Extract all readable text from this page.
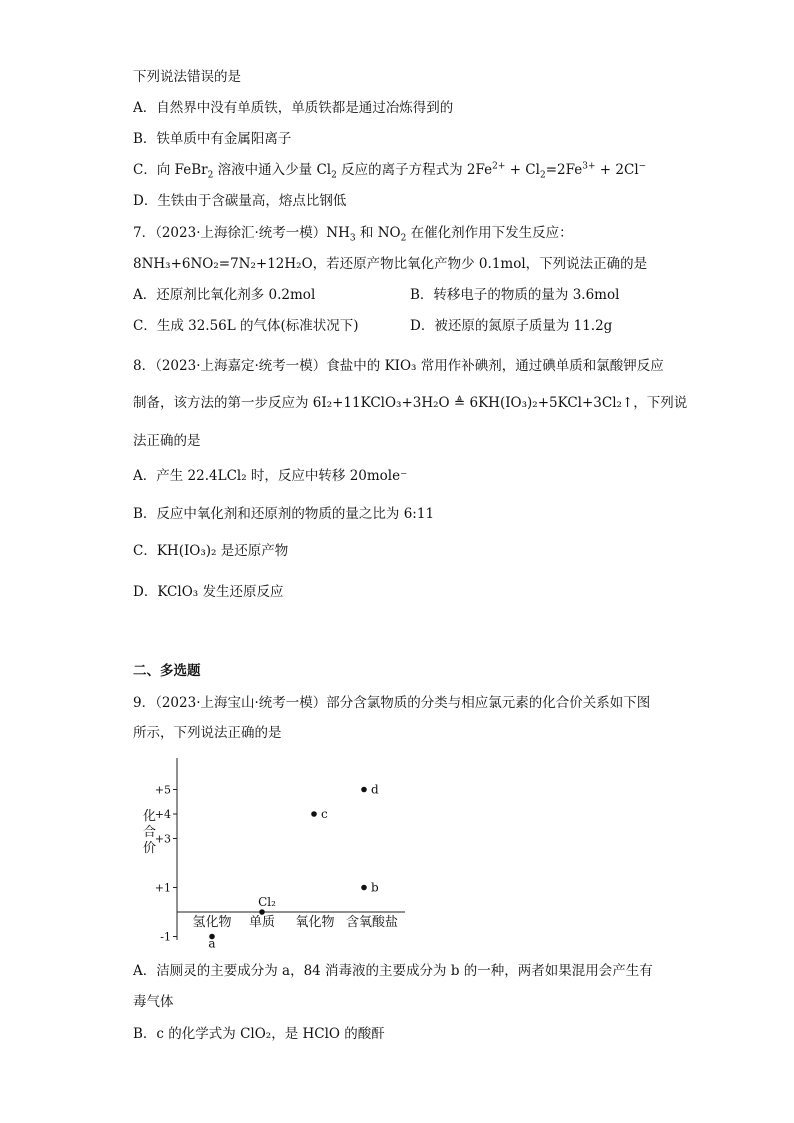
下列说法错误的是
A．自然界中没有单质铁，单质铁都是通过冶炼得到的
B．铁单质中有金属阳离子
C．向 FeBr$_2$ 溶液中通入少量 $Cl_2$ 反应的离子方程式为 $2Fe^{2+} + Cl_2=2Fe^{3+} + 2Cl^-$
D．生铁由于含碳量高，熔点比钢低
7．（2023·上海徐汇·统考一模）$NH_3$ 和 $NO_2$ 在催化剂作用下发生反应：
8NH₃+6NO₂=7N₂+12H₂O，若还原产物比氧化产物少 0.1mol，下列说法正确的是
A．还原剂比氧化剂多 0.2mol	B．转移电子的物质的量为 3.6mol
C．生成 32.56L 的气体(标准状况下)	D．被还原的氮原子质量为 11.2g
8．（2023·上海嘉定·统考一模）食盐中的 KIO₃ 常用作补碘剂，通过碘单质和氯酸钾反应
制备，该方法的第一步反应为 6I₂+11KClO₃+3H₂O ≜ 6KH(IO₃)₂+5KCl+3Cl₂↑，下列说
法正确的是
A．产生 22.4LCl₂ 时，反应中转移 20mole⁻
B．反应中氧化剂和还原剂的物质的量之比为 6:11
C．KH(IO₃)₂ 是还原产物
D．KClO₃ 发生还原反应
二、多选题
9．（2023·上海宝山·统考一模）部分含氯物质的分类与相应氯元素的化合价关系如下图
所示，下列说法正确的是
化
合
价
+5
+4
+3
+1
-1
氢化物 单质 氧化物 含氧酸盐
a
Cl₂
c
d
b
A．洁厕灵的主要成分为 a，84 消毒液的主要成分为 b 的一种，两者如果混用会产生有
毒气体
B．c 的化学式为 ClO₂，是 HClO 的酸酐
